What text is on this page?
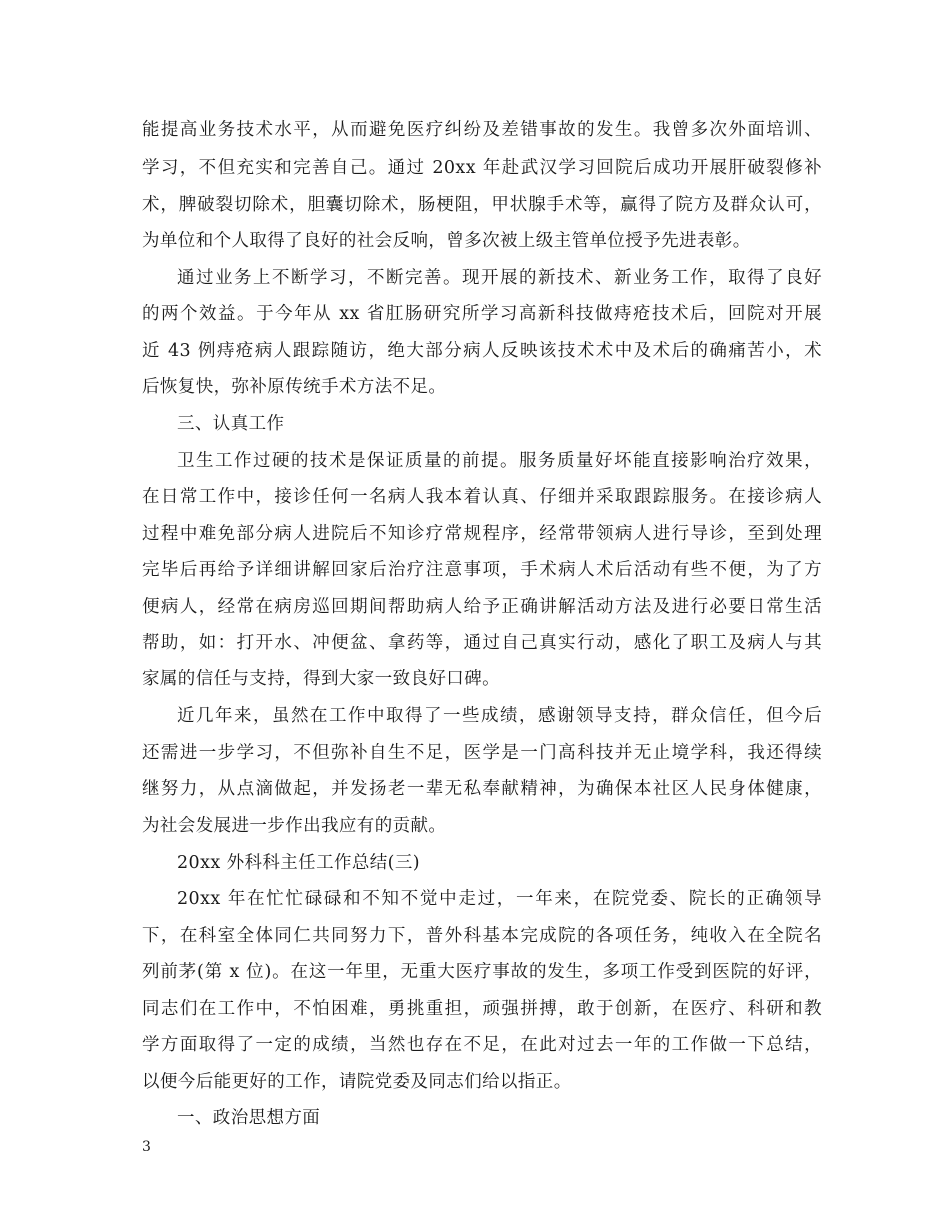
能提高业务技术水平，从而避免医疗纠纷及差错事故的发生。我曾多次外面培训、
学习，不但充实和完善自己。通过 20xx 年赴武汉学习回院后成功开展肝破裂修补
术，脾破裂切除术，胆囊切除术，肠梗阻，甲状腺手术等，赢得了院方及群众认可，
为单位和个人取得了良好的社会反响，曾多次被上级主管单位授予先进表彰。
通过业务上不断学习，不断完善。现开展的新技术、新业务工作，取得了良好
的两个效益。于今年从 xx 省肛肠研究所学习高新科技做痔疮技术后，回院对开展
近 43 例痔疮病人跟踪随访，绝大部分病人反映该技术术中及术后的确痛苦小，术
后恢复快，弥补原传统手术方法不足。
三、认真工作
卫生工作过硬的技术是保证质量的前提。服务质量好坏能直接影响治疗效果，
在日常工作中，接诊任何一名病人我本着认真、仔细并采取跟踪服务。在接诊病人
过程中难免部分病人进院后不知诊疗常规程序，经常带领病人进行导诊，至到处理
完毕后再给予详细讲解回家后治疗注意事项，手术病人术后活动有些不便，为了方
便病人，经常在病房巡回期间帮助病人给予正确讲解活动方法及进行必要日常生活
帮助，如：打开水、冲便盆、拿药等，通过自己真实行动，感化了职工及病人与其
家属的信任与支持，得到大家一致良好口碑。
近几年来，虽然在工作中取得了一些成绩，感谢领导支持，群众信任，但今后
还需进一步学习，不但弥补自生不足，医学是一门高科技并无止境学科，我还得续
继努力，从点滴做起，并发扬老一辈无私奉献精神，为确保本社区人民身体健康，
为社会发展进一步作出我应有的贡献。
20xx 外科科主任工作总结(三)
20xx 年在忙忙碌碌和不知不觉中走过，一年来，在院党委、院长的正确领导
下，在科室全体同仁共同努力下，普外科基本完成院的各项任务，纯收入在全院名
列前茅(第 x 位)。在这一年里，无重大医疗事故的发生，多项工作受到医院的好评，
同志们在工作中，不怕困难，勇挑重担，顽强拼搏，敢于创新，在医疗、科研和教
学方面取得了一定的成绩，当然也存在不足，在此对过去一年的工作做一下总结，
以便今后能更好的工作，请院党委及同志们给以指正。
一、政治思想方面
3
